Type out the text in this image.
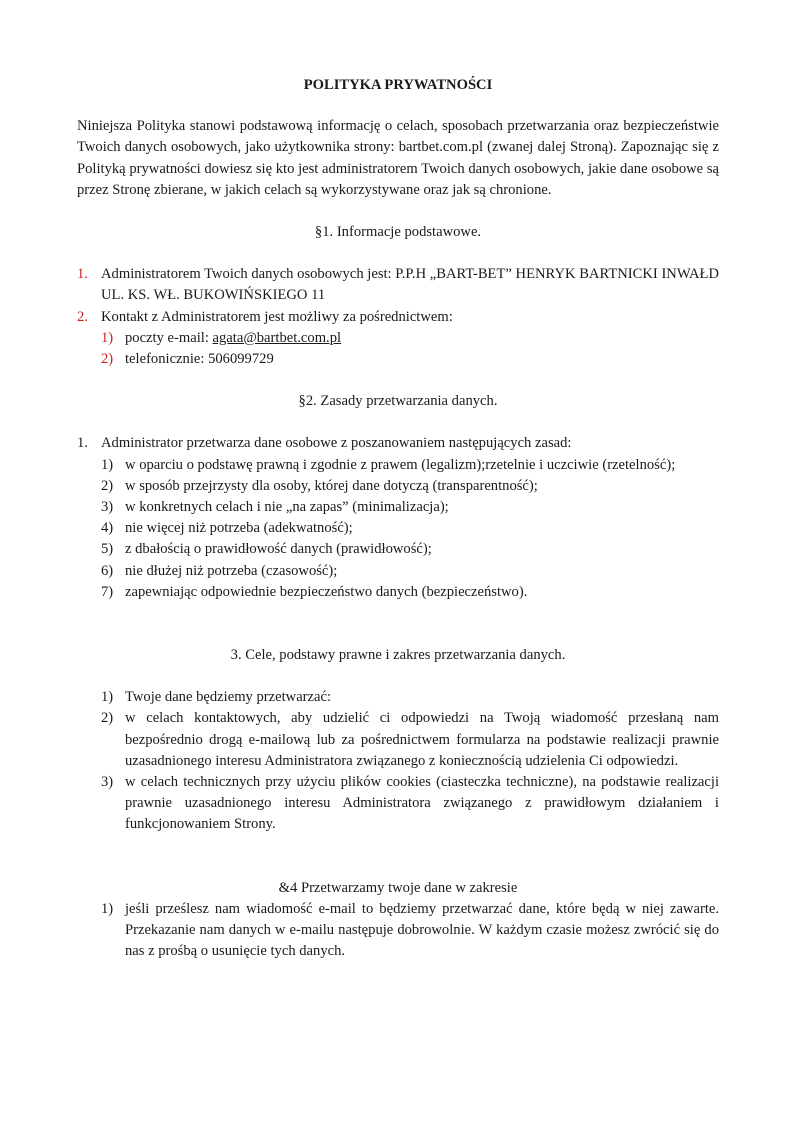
POLITYKA PRYWATNOŚCI
Niniejsza Polityka stanowi podstawową informację o celach, sposobach przetwarzania oraz bezpieczeństwie Twoich danych osobowych, jako użytkownika strony: bartbet.com.pl (zwanej dalej Stroną). Zapoznając się z Polityką prywatności dowiesz się kto jest administratorem Twoich danych osobowych, jakie dane osobowe są przez Stronę zbierane, w jakich celach są wykorzystywane oraz jak są chronione.
§1. Informacje podstawowe.
1. Administratorem Twoich danych osobowych jest: P.P.H „BART-BET” HENRYK BARTNICKI INWAŁD UL. KS. WŁ. BUKOWIŃSKIEGO 11
2. Kontakt z Administratorem jest możliwy za pośrednictwem:
1) poczty e-mail: agata@bartbet.com.pl
2) telefonicznie: 506099729
§2. Zasady przetwarzania danych.
1. Administrator przetwarza dane osobowe z poszanowaniem następujących zasad:
1) w oparciu o podstawę prawną i zgodnie z prawem (legalizm);rzetelnie i uczciwie (rzetelność);
2) w sposób przejrzysty dla osoby, której dane dotyczą (transparentność);
3) w konkretnych celach i nie „na zapas” (minimalizacja);
4) nie więcej niż potrzeba (adekwatność);
5) z dbałością o prawidłowość danych (prawidłowość);
6) nie dłużej niż potrzeba (czasowość);
7) zapewniając odpowiednie bezpieczeństwo danych (bezpieczeństwo).
3. Cele, podstawy prawne i zakres przetwarzania danych.
1) Twoje dane będziemy przetwarzać:
2) w celach kontaktowych, aby udzielić ci odpowiedzi na Twoją wiadomość przesłaną nam bezpośrednio drogą e-mailową lub za pośrednictwem formularza na podstawie realizacji prawnie uzasadnionego interesu Administratora związanego z koniecznością udzielenia Ci odpowiedzi.
3) w celach technicznych przy użyciu plików cookies (ciasteczka techniczne), na podstawie realizacji prawnie uzasadnionego interesu Administratora związanego z prawidłowym działaniem i funkcjonowaniem Strony.
&4 Przetwarzamy twoje dane w zakresie
1) jeśli prześlesz nam wiadomość e-mail to będziemy przetwarzać dane, które będą w niej zawarte. Przekazanie nam danych w e-mailu następuje dobrowolnie. W każdym czasie możesz zwrócić się do nas z prośbą o usunięcie tych danych.
